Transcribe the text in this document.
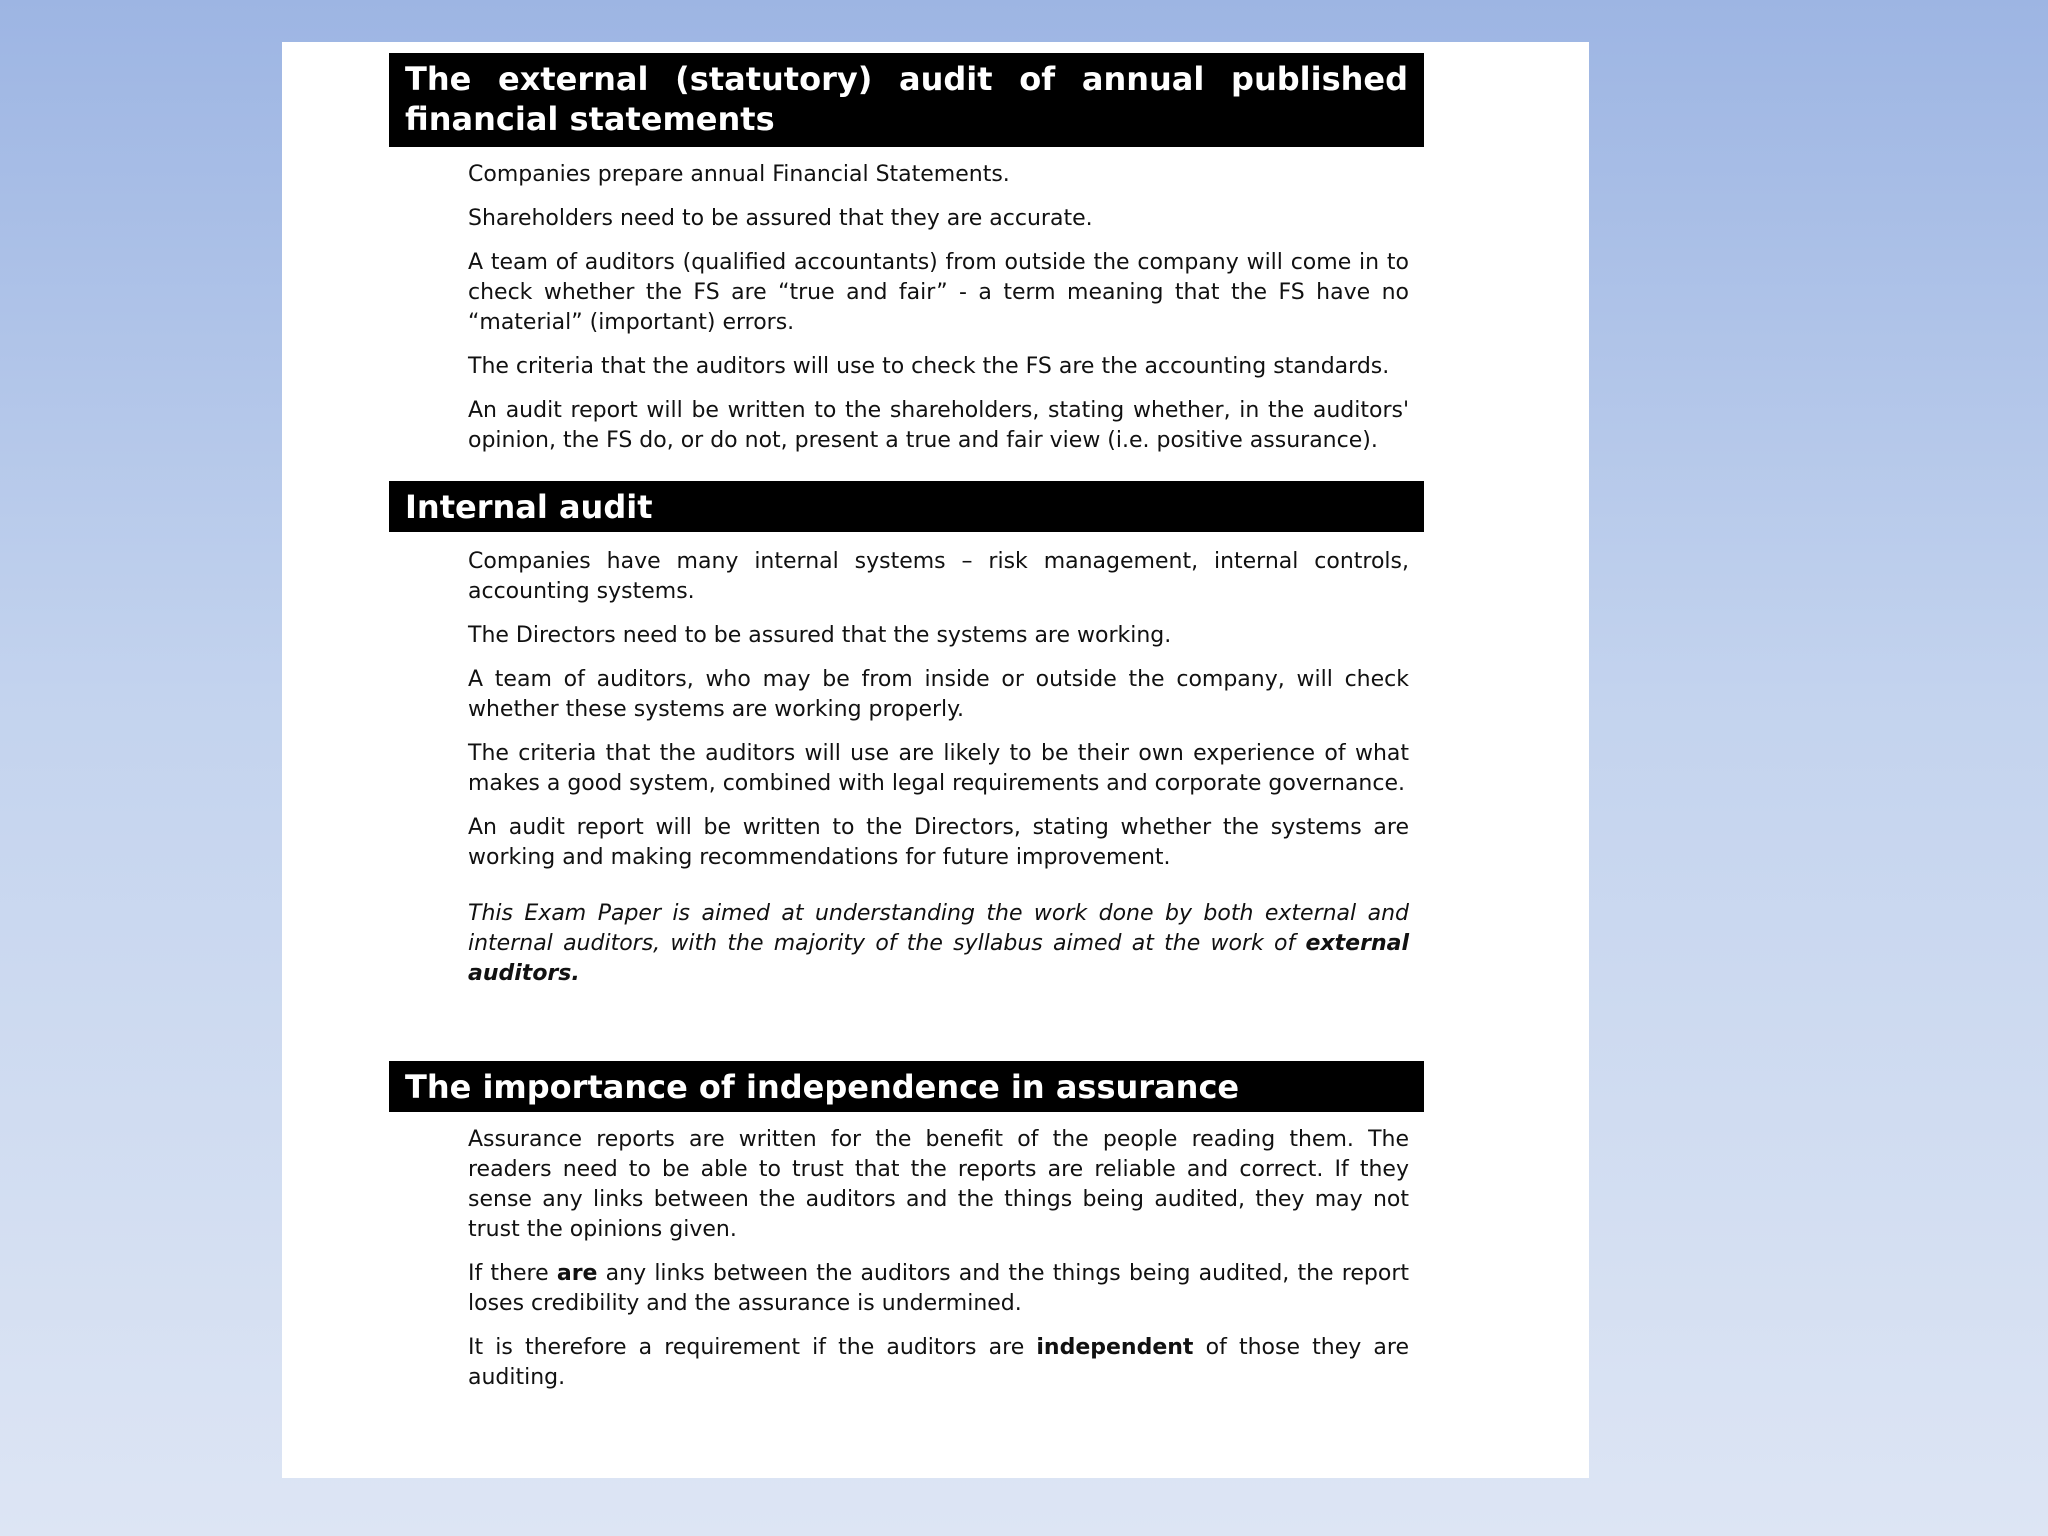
The external (statutory) audit of annual published financial statements

Companies prepare annual Financial Statements.

Shareholders need to be assured that they are accurate.

A team of auditors (qualified accountants) from outside the company will come in to check whether the FS are “true and fair” - a term meaning that the FS have no “material” (important) errors.

The criteria that the auditors will use to check the FS are the accounting standards.

An audit report will be written to the shareholders, stating whether, in the auditors' opinion, the FS do, or do not, present a true and fair view (i.e. positive assurance).

Internal audit

Companies have many internal systems – risk management, internal controls, accounting systems.

The Directors need to be assured that the systems are working.

A team of auditors, who may be from inside or outside the company, will check whether these systems are working properly.

The criteria that the auditors will use are likely to be their own experience of what makes a good system, combined with legal requirements and corporate governance.

An audit report will be written to the Directors, stating whether the systems are working and making recommendations for future improvement.

This Exam Paper is aimed at understanding the work done by both external and internal auditors, with the majority of the syllabus aimed at the work of external auditors.

The importance of independence in assurance

Assurance reports are written for the benefit of the people reading them. The readers need to be able to trust that the reports are reliable and correct. If they sense any links between the auditors and the things being audited, they may not trust the opinions given.

If there are any links between the auditors and the things being audited, the report loses credibility and the assurance is undermined.

It is therefore a requirement if the auditors are independent of those they are auditing.
